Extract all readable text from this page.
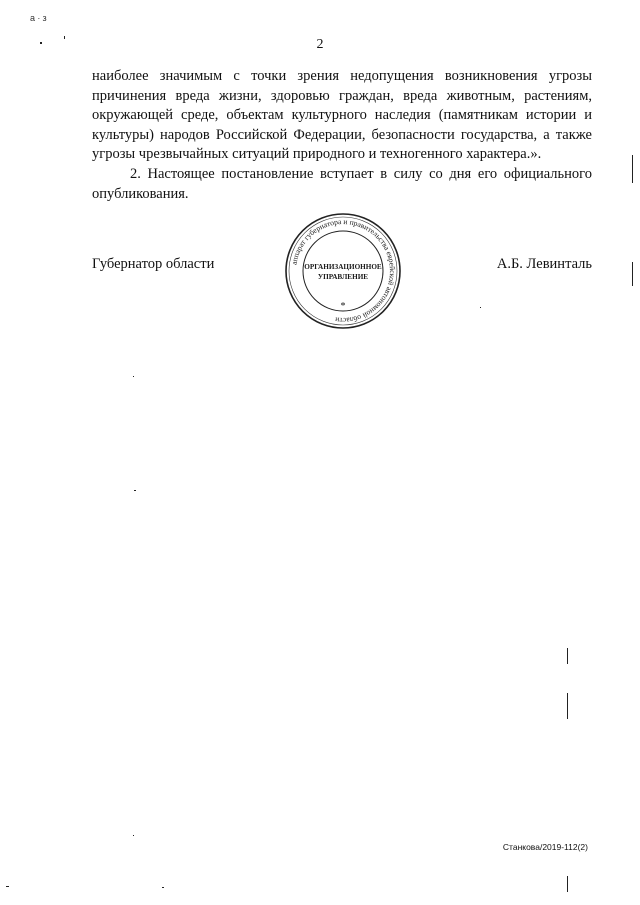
а ∙ з
2

наиболее значимым с точки зрения недопущения возникновения угрозы причинения вреда жизни, здоровью граждан, вреда животным, растениям, окружающей среде, объектам культурного наследия (памятникам истории и культуры) народов Российской Федерации, безопасности государства, а также угрозы чрезвычайных ситуаций природного и техногенного характера.».

2. Настоящее постановление вступает в силу со дня его официального опубликования.

Губернатор области	А.Б. Левинталь
аппарат губернатора и правительства еврейской автономной области
ОРГАНИЗАЦИОННОЕ
УПРАВЛЕНИЕ
*
Станкова/2019-112(2)
